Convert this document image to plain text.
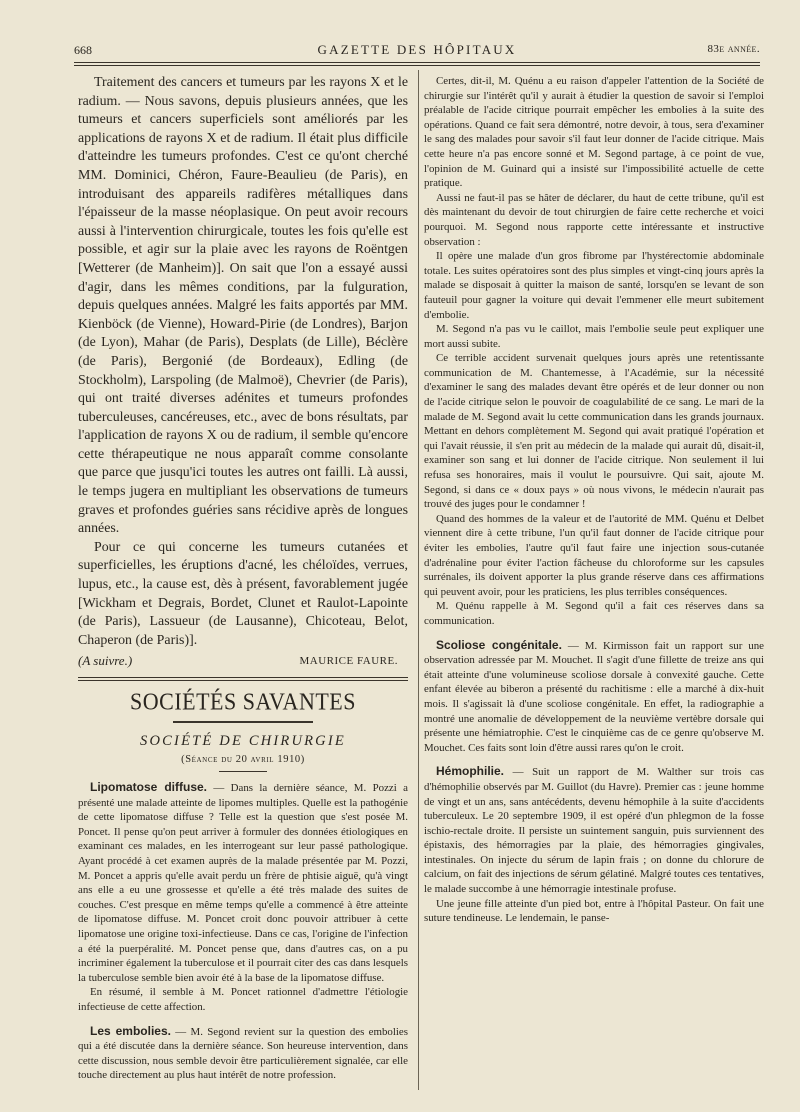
668	GAZETTE DES HÔPITAUX	83e année.

Traitement des cancers et tumeurs par les rayons X et le radium. — Nous savons, depuis plusieurs années, que les tumeurs et cancers superficiels sont améliorés par les applications de rayons X et de radium. Il était plus difficile d'atteindre les tumeurs profondes. C'est ce qu'ont cherché MM. Dominici, Chéron, Faure-Beaulieu (de Paris), en introduisant des appareils radifères métalliques dans l'épaisseur de la masse néoplasique. On peut avoir recours aussi à l'intervention chirurgicale, toutes les fois qu'elle est possible, et agir sur la plaie avec les rayons de Roëntgen [Wetterer (de Manheim)]. On sait que l'on a essayé aussi d'agir, dans les mêmes conditions, par la fulguration, depuis quelques années. Malgré les faits apportés par MM. Kienböck (de Vienne), Howard-Pirie (de Londres), Barjon (de Lyon), Mahar (de Paris), Desplats (de Lille), Béclère (de Paris), Bergonié (de Bordeaux), Edling (de Stockholm), Larspoling (de Malmoë), Chevrier (de Paris), qui ont traité diverses adénites et tumeurs profondes tuberculeuses, cancéreuses, etc., avec de bons résultats, par l'application de rayons X ou de radium, il semble qu'encore cette thérapeutique ne nous apparaît comme consolante que parce que jusqu'ici toutes les autres ont failli. Là aussi, le temps jugera en multipliant les observations de tumeurs graves et profondes guéries sans récidive après de longues années.

Pour ce qui concerne les tumeurs cutanées et superficielles, les éruptions d'acné, les chéloïdes, verrues, lupus, etc., la cause est, dès à présent, favorablement jugée [Wickham et Degrais, Bordet, Clunet et Raulot-Lapointe (de Paris), Lassueur (de Lausanne), Chicoteau, Belot, Chaperon (de Paris)].

(A suivre.)	MAURICE FAURE.
SOCIÉTÉS SAVANTES
SOCIÉTÉ DE CHIRURGIE
(Séance du 20 avril 1910)

Lipomatose diffuse. — Dans la dernière séance, M. Pozzi a présenté une malade atteinte de lipomes multiples. Quelle est la pathogénie de cette lipomatose diffuse ? Telle est la question que s'est posée M. Poncet. Il pense qu'on peut arriver à formuler des données étiologiques en examinant ces malades, en les interrogeant sur leur passé pathologique. Ayant procédé à cet examen auprès de la malade présentée par M. Pozzi, M. Poncet a appris qu'elle avait perdu un frère de phtisie aiguë, qu'à vingt ans elle a eu une grossesse et qu'elle a été très malade des suites de couches. C'est presque en même temps qu'elle a commencé à être atteinte de lipomatose diffuse. M. Poncet croit donc pouvoir attribuer à cette lipomatose une origine toxi-infectieuse. Dans ce cas, l'origine de l'infection a été la puerpéralité. M. Poncet pense que, dans d'autres cas, on a pu incriminer également la tuberculose et il pourrait citer des cas dans lesquels la tuberculose semble bien avoir été à la base de la lipomatose diffuse.

En résumé, il semble à M. Poncet rationnel d'admettre l'étiologie infectieuse de cette affection.

Les embolies. — M. Segond revient sur la question des embolies qui a été discutée dans la dernière séance. Son heureuse intervention, dans cette discussion, nous semble devoir être particulièrement signalée, car elle touche directement au plus haut intérêt de notre profession.

Certes, dit-il, M. Quénu a eu raison d'appeler l'attention de la Société de chirurgie sur l'intérêt qu'il y aurait à étudier la question de savoir si l'emploi préalable de l'acide citrique pourrait empêcher les embolies à la suite des opérations. Quand ce fait sera démontré, notre devoir, à tous, sera d'examiner le sang des malades pour savoir s'il faut leur donner de l'acide citrique. Mais cette heure n'a pas encore sonné et M. Segond partage, à ce point de vue, l'opinion de M. Guinard qui a insisté sur l'impossibilité actuelle de cette pratique.

Aussi ne faut-il pas se hâter de déclarer, du haut de cette tribune, qu'il est dès maintenant du devoir de tout chirurgien de faire cette recherche et voici pourquoi. M. Segond nous rapporte cette intéressante et instructive observation :

Il opère une malade d'un gros fibrome par l'hystérectomie abdominale totale. Les suites opératoires sont des plus simples et vingt-cinq jours après la malade se disposait à quitter la maison de santé, lorsqu'en se levant de son fauteuil pour gagner la voiture qui devait l'emmener elle meurt subitement d'embolie.

M. Segond n'a pas vu le caillot, mais l'embolie seule peut expliquer une mort aussi subite.

Ce terrible accident survenait quelques jours après une retentissante communication de M. Chantemesse, à l'Académie, sur la nécessité d'examiner le sang des malades devant être opérés et de leur donner ou non de l'acide citrique selon le pouvoir de coagulabilité de ce sang. Le mari de la malade de M. Segond avait lu cette communication dans les grands journaux. Mettant en dehors complètement M. Segond qui avait pratiqué l'opération et qui l'avait réussie, il s'en prit au médecin de la malade qui aurait dû, disait-il, examiner son sang et lui donner de l'acide citrique. Non seulement il lui refusa ses honoraires, mais il voulut le poursuivre. Qui sait, ajoute M. Segond, si dans ce « doux pays » où nous vivons, le médecin n'aurait pas trouvé des juges pour le condamner !

Quand des hommes de la valeur et de l'autorité de MM. Quénu et Delbet viennent dire à cette tribune, l'un qu'il faut donner de l'acide citrique pour éviter les embolies, l'autre qu'il faut faire une injection sous-cutanée d'adrénaline pour éviter l'action fâcheuse du chloroforme sur les capsules surrénales, ils doivent apporter la plus grande réserve dans ces affirmations qui peuvent avoir, pour les praticiens, les plus terribles conséquences.

M. Quénu rappelle à M. Segond qu'il a fait ces réserves dans sa communication.

Scoliose congénitale. — M. Kirmisson fait un rapport sur une observation adressée par M. Mouchet. Il s'agit d'une fillette de treize ans qui était atteinte d'une volumineuse scoliose dorsale à convexité gauche. Cette enfant élevée au biberon a présenté du rachitisme : elle a marché à dix-huit mois. Il s'agissait là d'une scoliose congénitale. En effet, la radiographie a montré une anomalie de développement de la neuvième vertèbre dorsale qui présente une hémiatrophie. C'est le cinquième cas de ce genre qu'observe M. Mouchet. Ces faits sont loin d'être aussi rares qu'on le croit.

Hémophilie. — Suit un rapport de M. Walther sur trois cas d'hémophilie observés par M. Guillot (du Havre). Premier cas : jeune homme de vingt et un ans, sans antécédents, devenu hémophile à la suite d'accidents tuberculeux. Le 20 septembre 1909, il est opéré d'un phlegmon de la fosse ischio-rectale droite. Il persiste un suintement sanguin, puis surviennent des épistaxis, des hémorragies par la plaie, des hémorragies gingivales, intestinales. On injecte du sérum de lapin frais ; on donne du chlorure de calcium, on fait des injections de sérum gélatiné. Malgré toutes ces tentatives, le malade succombe à une hémorragie intestinale profuse.

Une jeune fille atteinte d'un pied bot, entre à l'hôpital Pasteur. On fait une suture tendineuse. Le lendemain, le panse-
